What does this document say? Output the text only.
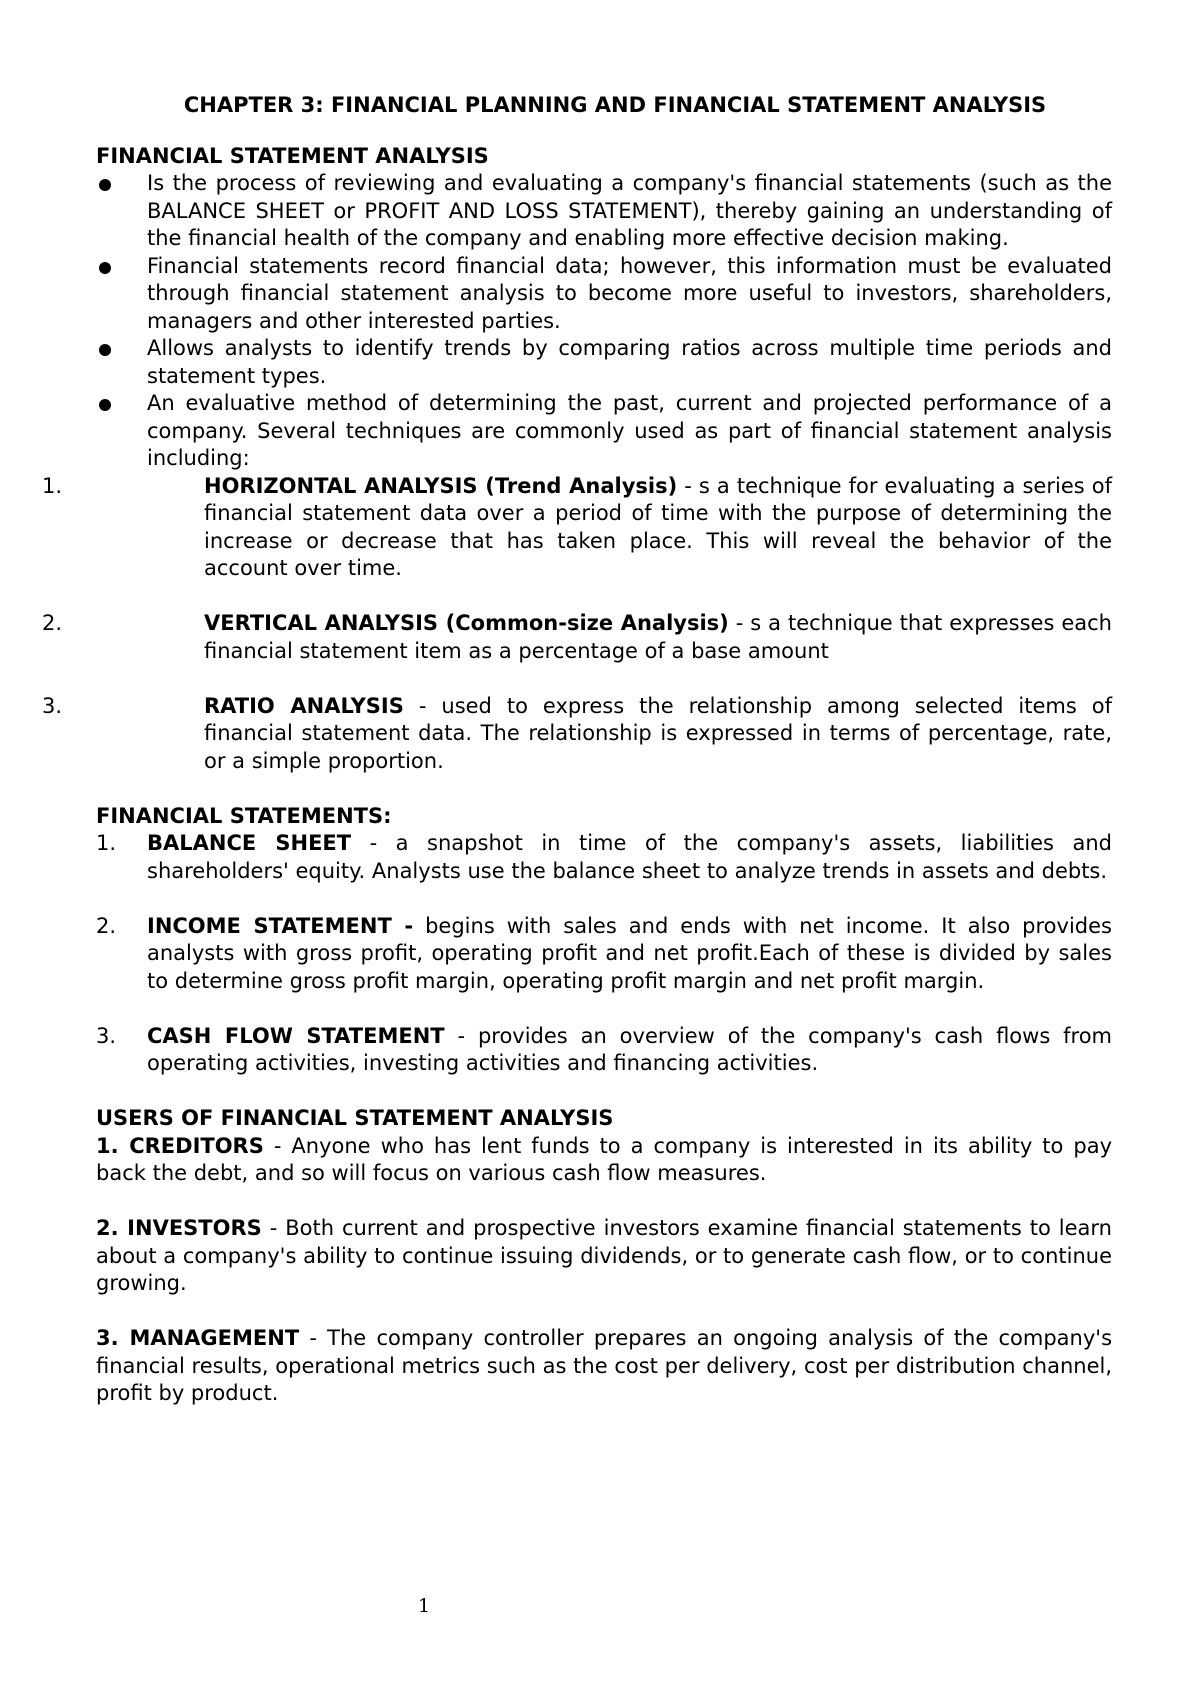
CHAPTER 3: FINANCIAL PLANNING AND FINANCIAL STATEMENT ANALYSIS

FINANCIAL STATEMENT ANALYSIS

Is the process of reviewing and evaluating a company's financial statements (such as the BALANCE SHEET or PROFIT AND LOSS STATEMENT), thereby gaining an understanding of the financial health of the company and enabling more effective decision making.
Financial statements record financial data; however, this information must be evaluated through financial statement analysis to become more useful to investors, shareholders, managers and other interested parties.
Allows analysts to identify trends by comparing ratios across multiple time periods and statement types.
An evaluative method of determining the past, current and projected performance of a company. Several techniques are commonly used as part of financial statement analysis including:
1.	HORIZONTAL ANALYSIS (Trend Analysis) - s a technique for evaluating a series of financial statement data over a period of time with the purpose of determining the increase or decrease that has taken place. This will reveal the behavior of the account over time.
2.	VERTICAL ANALYSIS (Common-size Analysis) - s a technique that expresses each financial statement item as a percentage of a base amount
3.	RATIO ANALYSIS - used to express the relationship among selected items of financial statement data. The relationship is expressed in terms of percentage, rate, or a simple proportion.

FINANCIAL STATEMENTS:

1. BALANCE SHEET - a snapshot in time of the company's assets, liabilities and shareholders' equity. Analysts use the balance sheet to analyze trends in assets and debts.
2. INCOME STATEMENT - begins with sales and ends with net income. It also provides analysts with gross profit, operating profit and net profit.Each of these is divided by sales to determine gross profit margin, operating profit margin and net profit margin.
3. CASH FLOW STATEMENT - provides an overview of the company's cash flows from operating activities, investing activities and financing activities.

USERS OF FINANCIAL STATEMENT ANALYSIS

1. CREDITORS - Anyone who has lent funds to a company is interested in its ability to pay back the debt, and so will focus on various cash flow measures.

2. INVESTORS - Both current and prospective investors examine financial statements to learn about a company's ability to continue issuing dividends, or to generate cash flow, or to continue growing.

3. MANAGEMENT - The company controller prepares an ongoing analysis of the company's financial results, operational metrics such as the cost per delivery, cost per distribution channel, profit by product.

1
